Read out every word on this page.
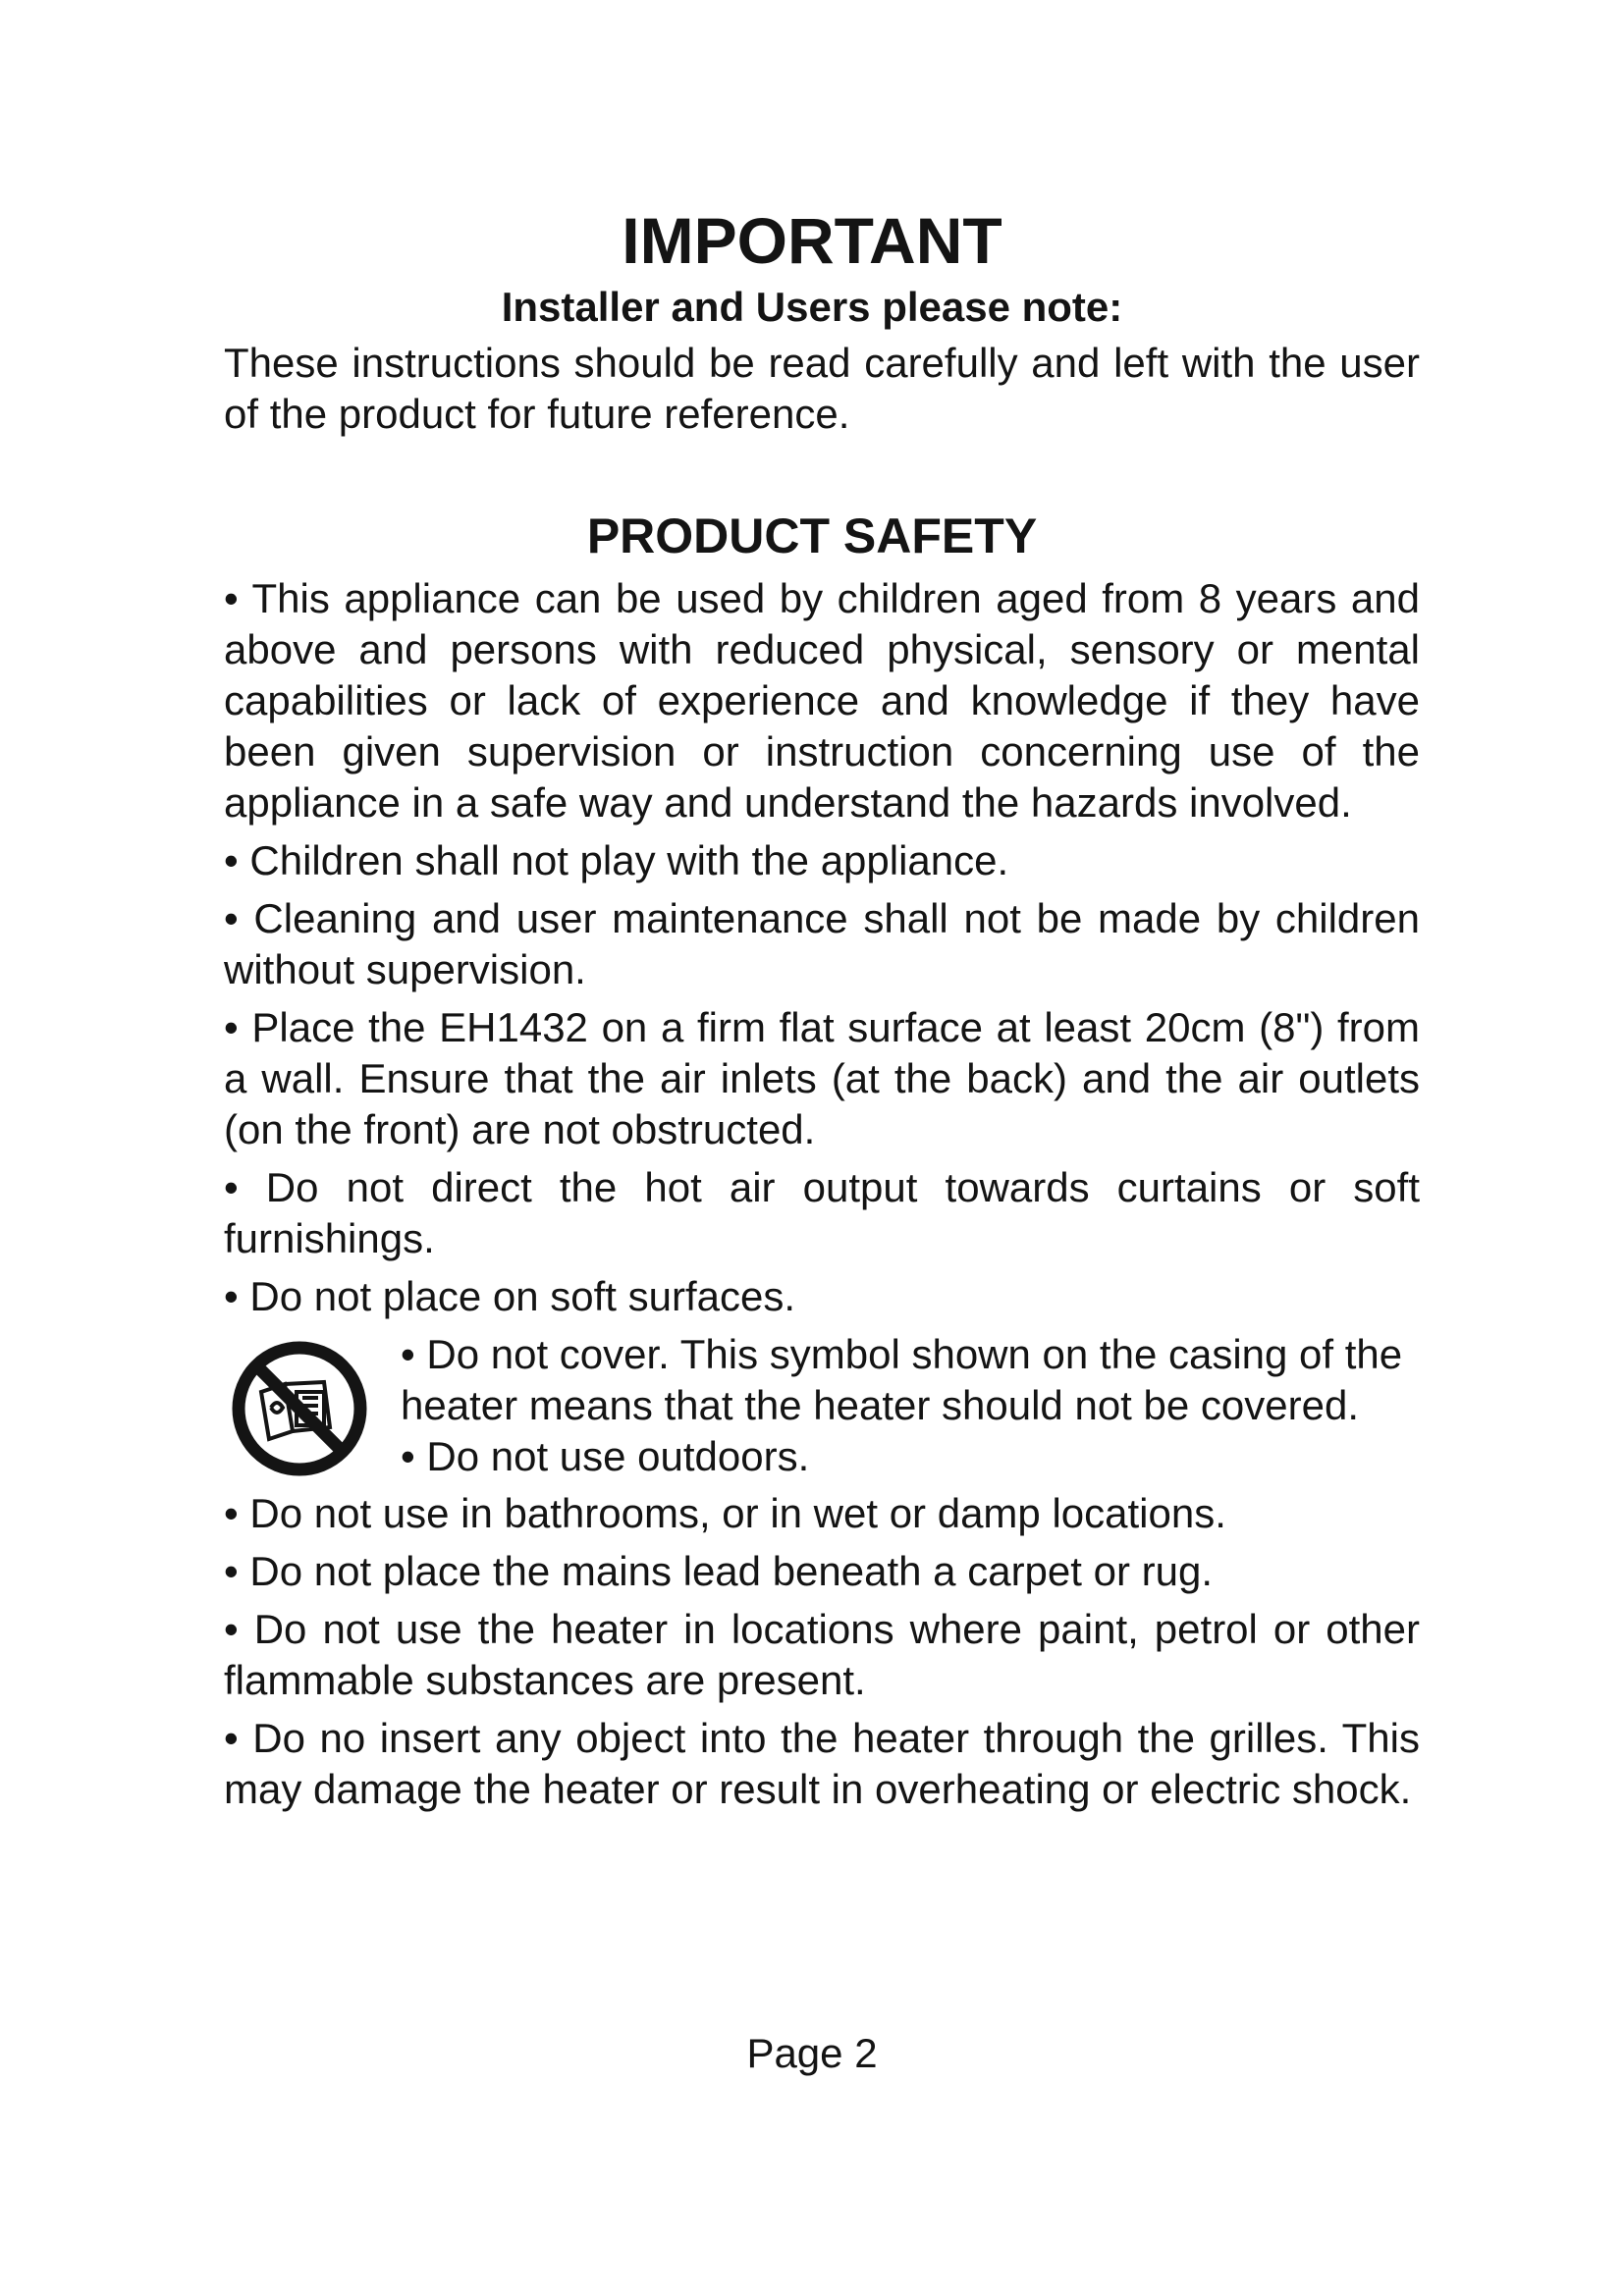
IMPORTANT
Installer and Users please note:
These instructions should be read carefully and left with the user of the product for future reference.
PRODUCT SAFETY

• This appliance can be used by children aged from 8 years and above and persons with reduced physical, sensory or mental capabilities or lack of experience and knowledge if they have been given supervision or instruction concerning use of the appliance in a safe way and understand the hazards involved.

• Children shall not play with the appliance.

• Cleaning and user maintenance shall not be made by children without supervision.

• Place the EH1432 on a firm flat surface at least 20cm (8") from a wall. Ensure that the air inlets (at the back) and the air outlets (on the front) are not obstructed.

• Do not direct the hot air output towards curtains or soft furnishings.

• Do not place on soft surfaces.

• Do not cover. This symbol shown on the casing of the heater means that the heater should not be covered.

• Do not use outdoors.

• Do not use in bathrooms, or in wet or damp locations.

• Do not place the mains lead beneath a carpet or rug.

• Do not use the heater in locations where paint, petrol or other flammable substances are present.

• Do no insert any object into the heater through the grilles. This may damage the heater or result in overheating or electric shock.

Page 2
